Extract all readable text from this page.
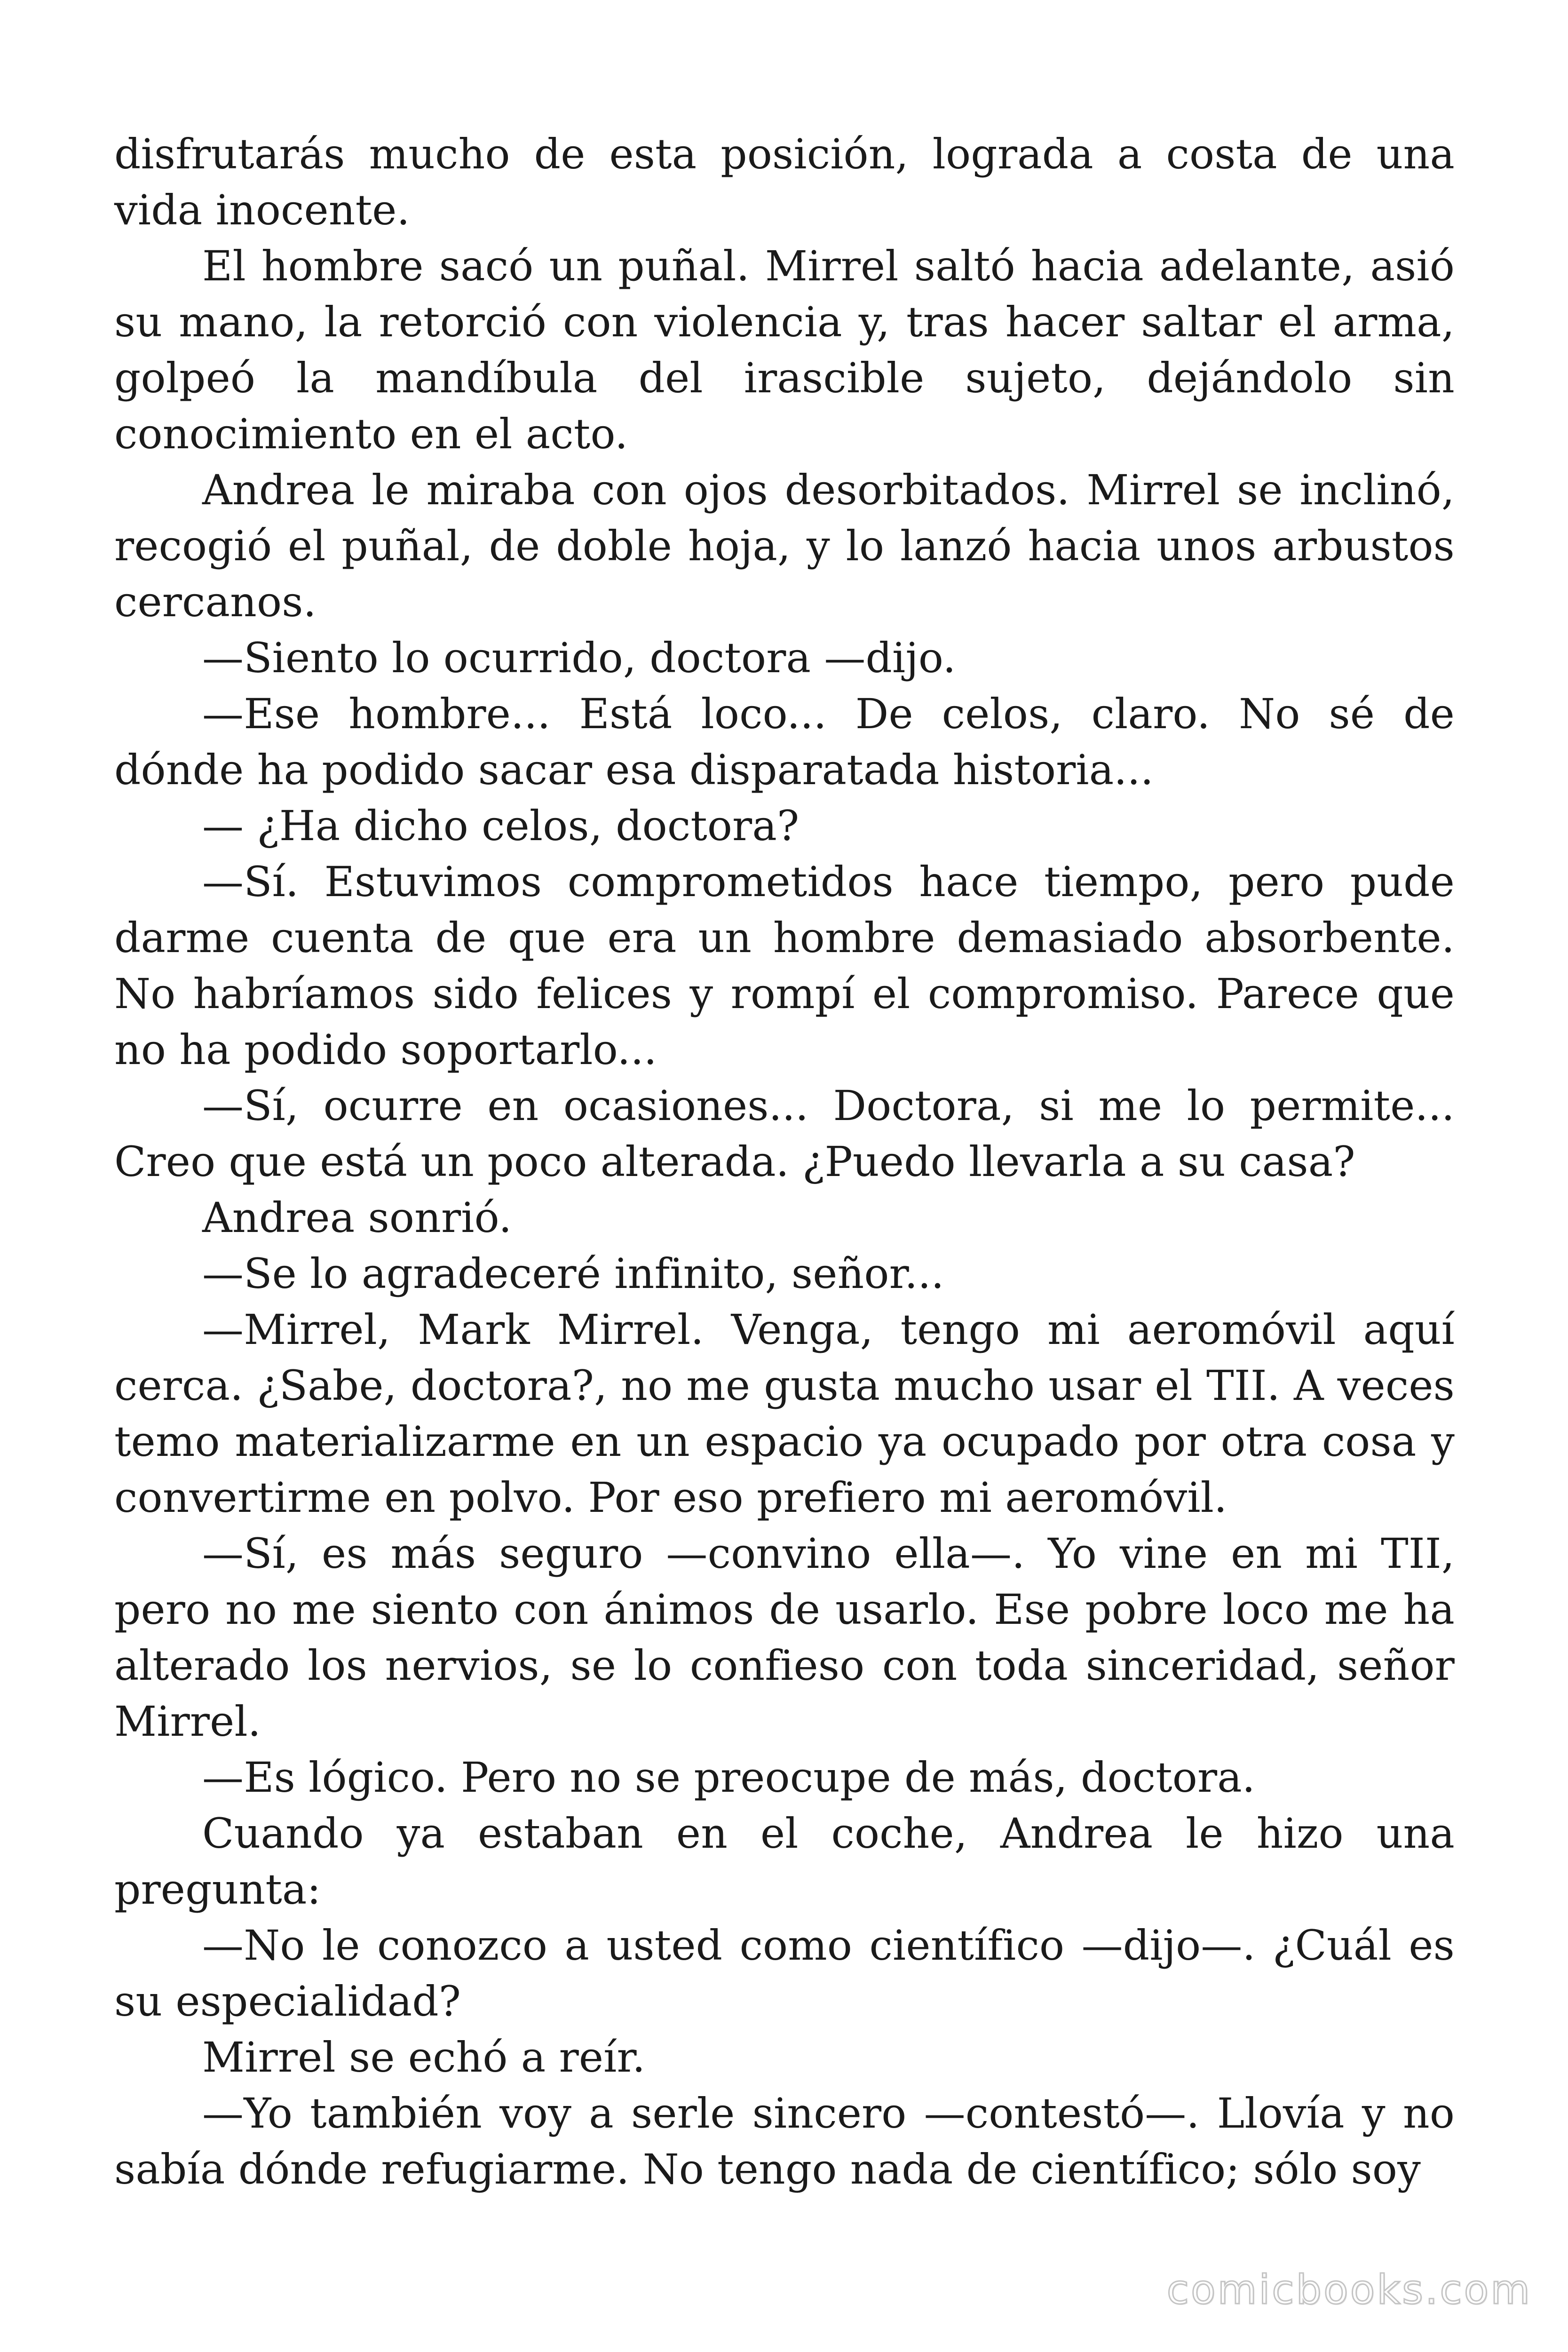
disfrutarás mucho de esta posición, lograda a costa de una vida inocente.

El hombre sacó un puñal. Mirrel saltó hacia adelante, asió su mano, la retorció con violencia y, tras hacer saltar el arma, golpeó la mandíbula del irascible sujeto, dejándolo sin conocimiento en el acto.

Andrea le miraba con ojos desorbitados. Mirrel se inclinó, recogió el puñal, de doble hoja, y lo lanzó hacia unos arbustos cercanos.

—Siento lo ocurrido, doctora —dijo.

—Ese hombre... Está loco... De celos, claro. No sé de dónde ha podido sacar esa disparatada historia...

— ¿Ha dicho celos, doctora?

—Sí. Estuvimos comprometidos hace tiempo, pero pude darme cuenta de que era un hombre demasiado absorbente. No habríamos sido felices y rompí el compromiso. Parece que no ha podido soportarlo...

—Sí, ocurre en ocasiones... Doctora, si me lo permite... Creo que está un poco alterada. ¿Puedo llevarla a su casa?

Andrea sonrió.

—Se lo agradeceré infinito, señor...

—Mirrel, Mark Mirrel. Venga, tengo mi aeromóvil aquí cerca. ¿Sabe, doctora?, no me gusta mucho usar el TII. A veces temo materializarme en un espacio ya ocupado por otra cosa y convertirme en polvo. Por eso prefiero mi aeromóvil.

—Sí, es más seguro —convino ella—. Yo vine en mi TII, pero no me siento con ánimos de usarlo. Ese pobre loco me ha alterado los nervios, se lo confieso con toda sinceridad, señor Mirrel.

—Es lógico. Pero no se preocupe de más, doctora.

Cuando ya estaban en el coche, Andrea le hizo una pregunta:

—No le conozco a usted como científico —dijo—. ¿Cuál es su especialidad?

Mirrel se echó a reír.

—Yo también voy a serle sincero —contestó—. Llovía y no sabía dónde refugiarme. No tengo nada de científico; sólo soy

comicbooks.com
